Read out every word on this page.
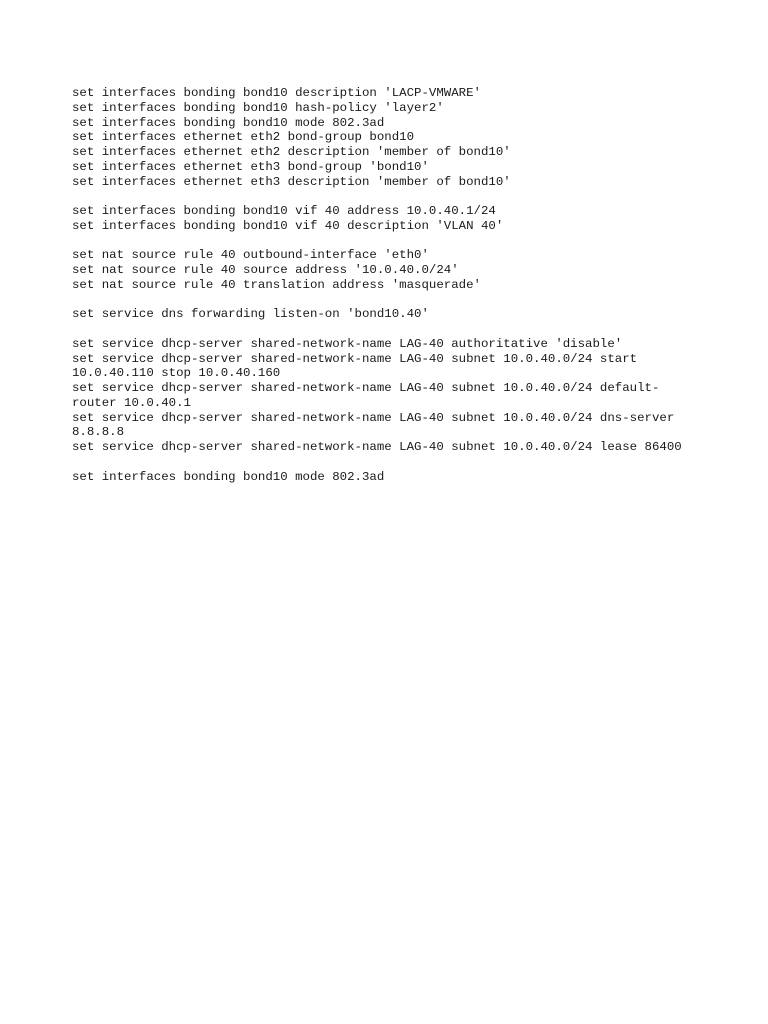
set interfaces bonding bond10 description 'LACP-VMWARE'
set interfaces bonding bond10 hash-policy 'layer2'
set interfaces bonding bond10 mode 802.3ad
set interfaces ethernet eth2 bond-group bond10
set interfaces ethernet eth2 description 'member of bond10'
set interfaces ethernet eth3 bond-group 'bond10'
set interfaces ethernet eth3 description 'member of bond10'
set interfaces bonding bond10 vif 40 address 10.0.40.1/24
set interfaces bonding bond10 vif 40 description 'VLAN 40'
set nat source rule 40 outbound-interface 'eth0'
set nat source rule 40 source address '10.0.40.0/24'
set nat source rule 40 translation address 'masquerade'
set service dns forwarding listen-on 'bond10.40'
set service dhcp-server shared-network-name LAG-40 authoritative 'disable'
set service dhcp-server shared-network-name LAG-40 subnet 10.0.40.0/24 start
10.0.40.110 stop 10.0.40.160
set service dhcp-server shared-network-name LAG-40 subnet 10.0.40.0/24 default-
router 10.0.40.1
set service dhcp-server shared-network-name LAG-40 subnet 10.0.40.0/24 dns-server
8.8.8.8
set service dhcp-server shared-network-name LAG-40 subnet 10.0.40.0/24 lease 86400
set interfaces bonding bond10 mode 802.3ad
